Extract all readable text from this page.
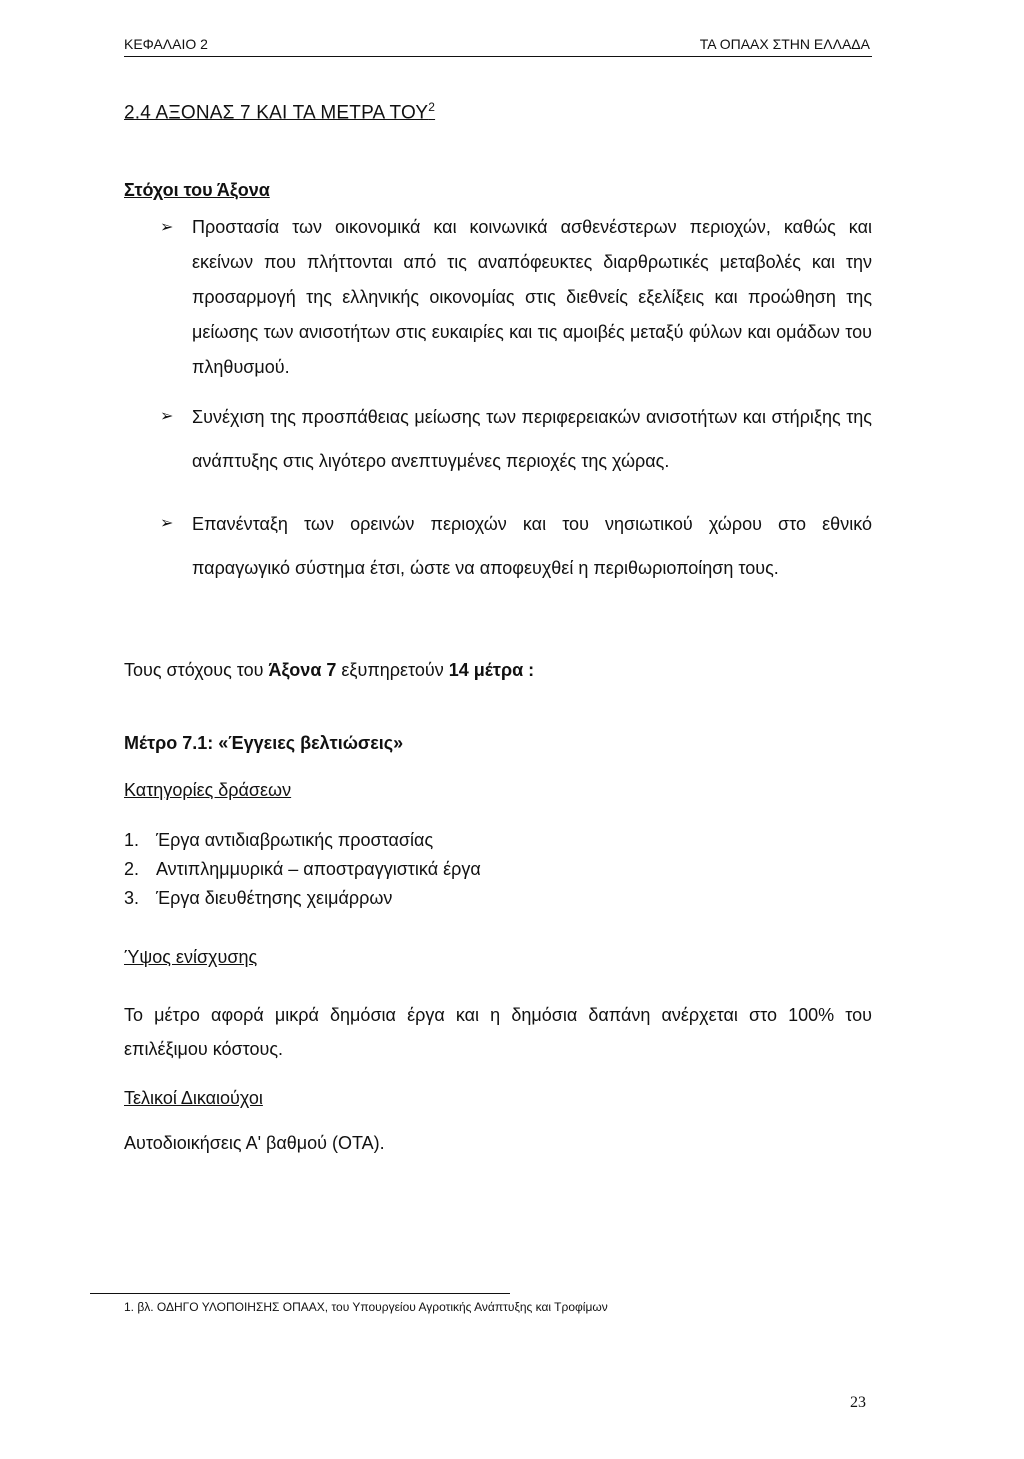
ΚΕΦΑΛΑΙΟ 2	ΤΑ ΟΠΑΑΧ ΣΤΗΝ ΕΛΛΑΔΑ
2.4 ΑΞΟΝΑΣ 7 ΚΑΙ ΤΑ ΜΕΤΡΑ ΤΟΥ$^2$
Στόχοι του Άξονα
➢ Προστασία των οικονομικά και κοινωνικά ασθενέστερων περιοχών, καθώς και εκείνων που πλήττονται από τις αναπόφευκτες διαρθρωτικές μεταβολές και την προσαρμογή της ελληνικής οικονομίας στις διεθνείς εξελίξεις και προώθηση της μείωσης των ανισοτήτων στις ευκαιρίες και τις αμοιβές μεταξύ φύλων και ομάδων του πληθυσμού.
➢ Συνέχιση της προσπάθειας μείωσης των περιφερειακών ανισοτήτων και στήριξης της ανάπτυξης στις λιγότερο ανεπτυγμένες περιοχές της χώρας.
➢ Επανένταξη των ορεινών περιοχών και του νησιωτικού χώρου στο εθνικό παραγωγικό σύστημα έτσι, ώστε να αποφευχθεί η περιθωριοποίηση τους.
Τους στόχους του Άξονα 7 εξυπηρετούν 14 μέτρα :
Μέτρο 7.1: «Έγγειες βελτιώσεις»
Κατηγορίες δράσεων
1. Έργα αντιδιαβρωτικής προστασίας
2. Αντιπλημμυρικά – αποστραγγιστικά έργα
3. Έργα διευθέτησης χειμάρρων
Ύψος ενίσχυσης
Το μέτρο αφορά μικρά δημόσια έργα και η δημόσια δαπάνη ανέρχεται στο 100% του επιλέξιμου κόστους.
Τελικοί Δικαιούχοι
Αυτοδιοικήσεις Α' βαθμού (ΟΤΑ).
1. βλ. ΟΔΗΓΟ ΥΛΟΠΟΙΗΣΗΣ ΟΠΑΑΧ, του Υπουργείου Αγροτικής Ανάπτυξης και Τροφίμων
23
